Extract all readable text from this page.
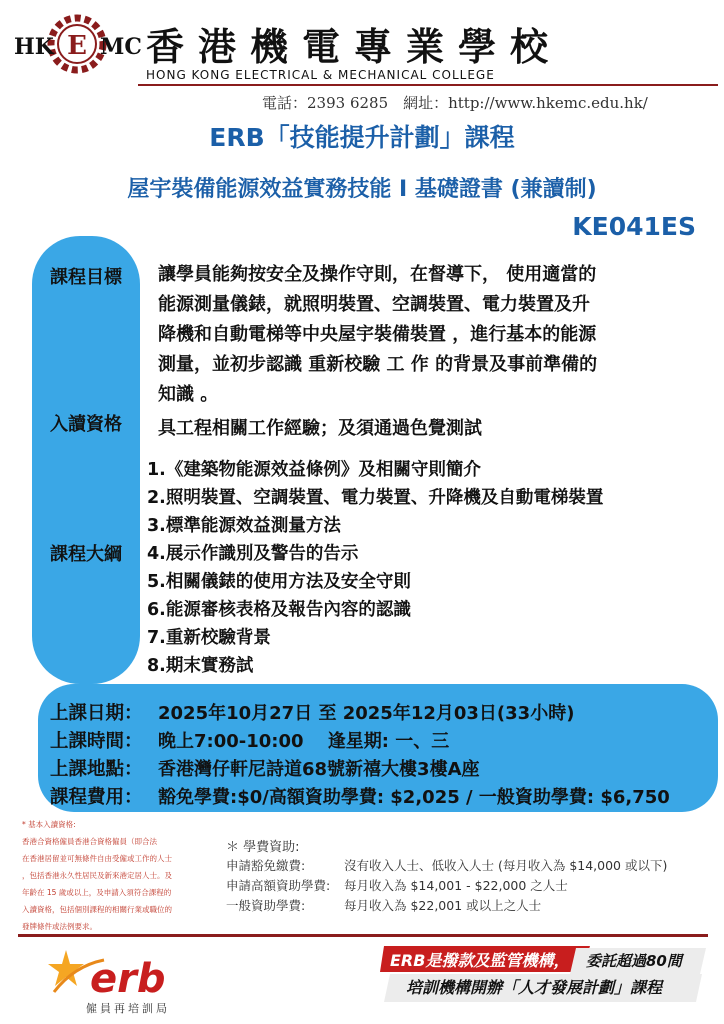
E
HK MC 香港機電專業學校
HONG KONG ELECTRICAL & MECHANICAL COLLEGE
電話：2393 6285　網址：http://www.hkemc.edu.hk/
ERB「技能提升計劃」課程
屋宇裝備能源效益實務技能 I 基礎證書 (兼讀制)
KE041ES
課程目標
入讀資格
課程大綱
讓學員能夠按安全及操作守則，在督導下， 使用適當的
能源測量儀錶，就照明裝置、空調裝置、電力裝置及升
降機和自動電梯等中央屋宇裝備裝置 ，進行基本的能源
測量，並初步認識 重新校驗 工 作 的背景及事前準備的
知識 。
具工程相關工作經驗；及須通過色覺測試
1.《建築物能源效益條例》及相關守則簡介
2.照明裝置、空調裝置、電力裝置、升降機及自動電梯裝置
3.標準能源效益測量方法
4.展示作識別及警告的告示
5.相關儀錶的使用方法及安全守則
6.能源審核表格及報告內容的認識
7.重新校驗背景
8.期末實務試
上課日期： 2025年10月27日 至 2025年12月03日(33小時)
上課時間： 晚上7:00-10:00　 逢星期: 一、三
上課地點： 香港灣仔軒尼詩道68號新禧大樓3樓A座
課程費用： 豁免學費:$0/高額資助學費: $2,025 / 一般資助學費: $6,750
* 基本入讀資格:
香港合資格僱員香港合資格僱員（即合法
在香港居留並可無條件自由受僱或工作的人士
，包括香港永久性居民及新來港定居人士。及
年齡在 15 歲或以上，及申請入須符合課程的
入讀資格，包括個別課程的相關行業或職位的
發牌條件或法例要求。
＊ 學費資助:
申請豁免繳費:	沒有收入人士、低收入人士 (每月收入為 $14,000 或以下)
申請高額資助學費: 每月收入為 $14,001 - $22,000 之人士
一般資助學費:	每月收入為 $22,001 或以上之人士
erb
僱員再培訓局
ERB是撥款及監管機構， 委託超過80間
培訓機構開辦「人才發展計劃」課程
